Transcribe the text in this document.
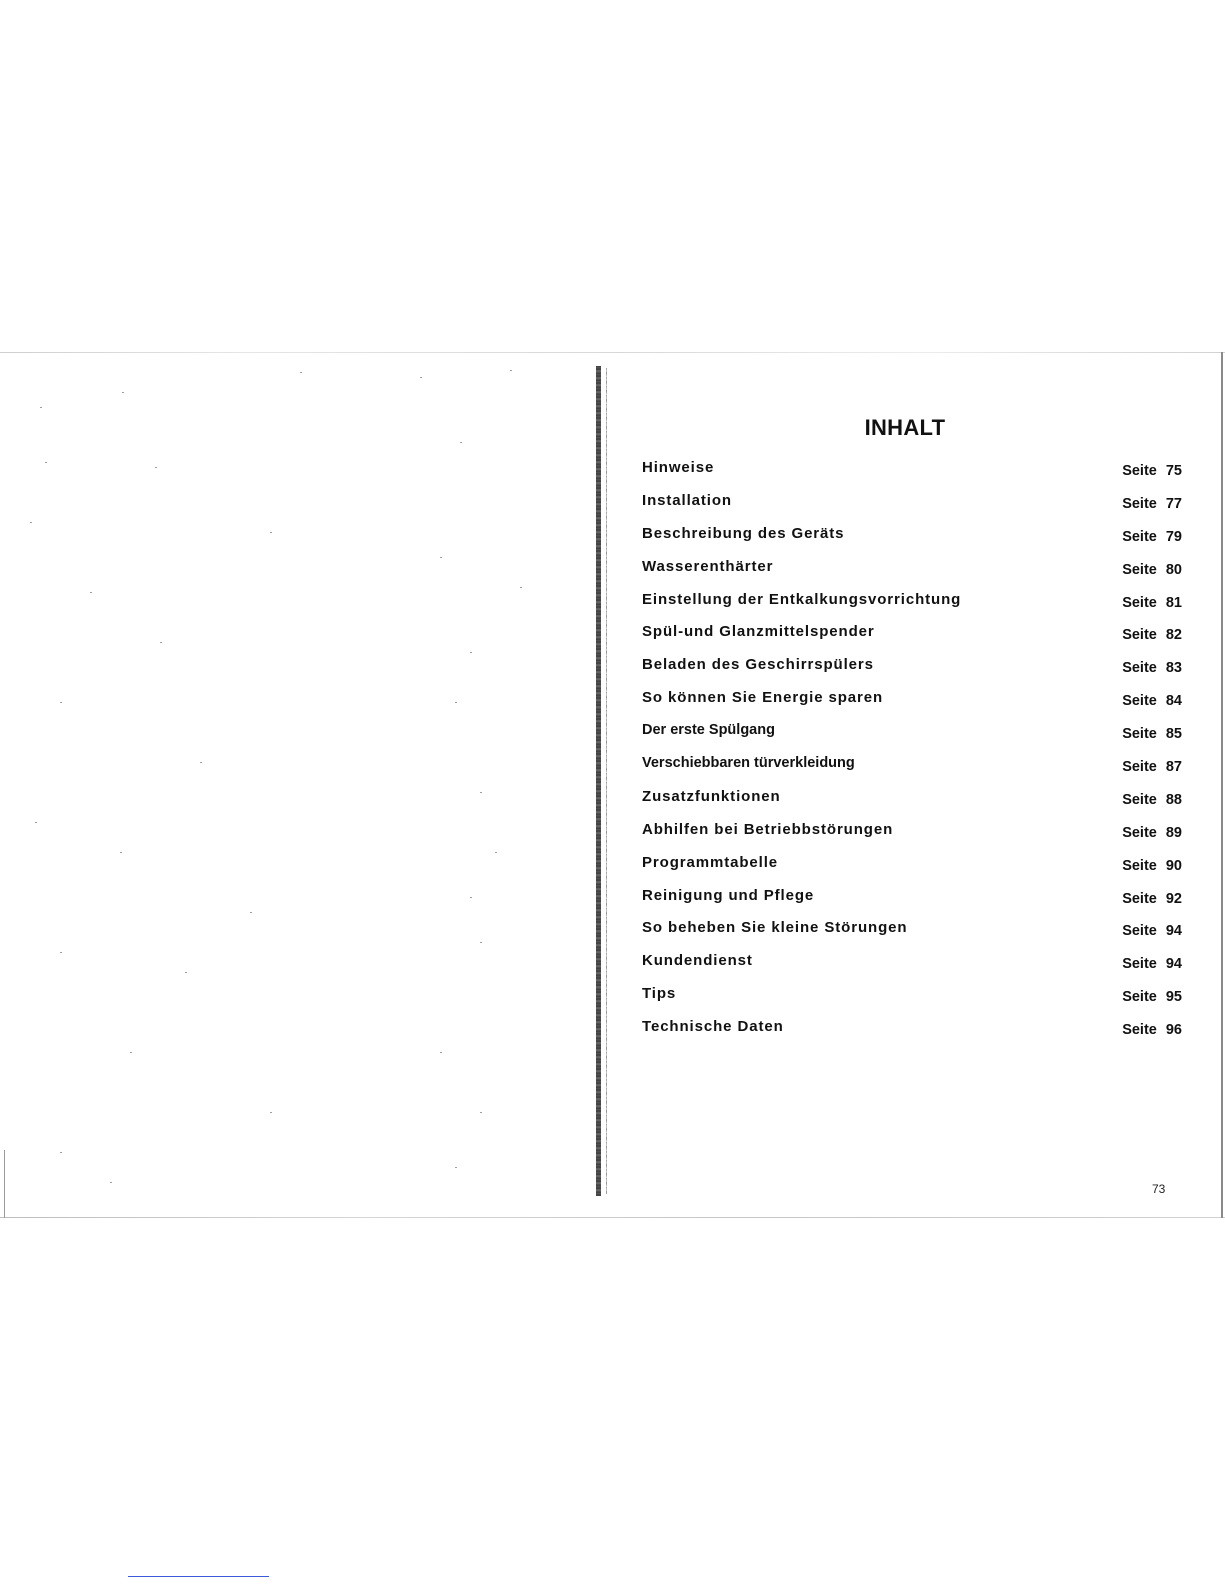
INHALT
Hinweise	Seite 75
Installation	Seite 77
Beschreibung des Geräts	Seite 79
Wasserenthärter	Seite 80
Einstellung der Entkalkungsvorrichtung	Seite 81
Spül-und Glanzmittelspender	Seite 82
Beladen des Geschirrspülers	Seite 83
So können Sie Energie sparen	Seite 84
Der erste Spülgang	Seite 85
Verschiebbaren türverkleidung	Seite 87
Zusatzfunktionen	Seite 88
Abhilfen bei Betriebbstörungen	Seite 89
Programmtabelle	Seite 90
Reinigung und Pflege	Seite 92
So beheben Sie kleine Störungen	Seite 94
Kundendienst	Seite 94
Tips	Seite 95
Technische Daten	Seite 96
73
